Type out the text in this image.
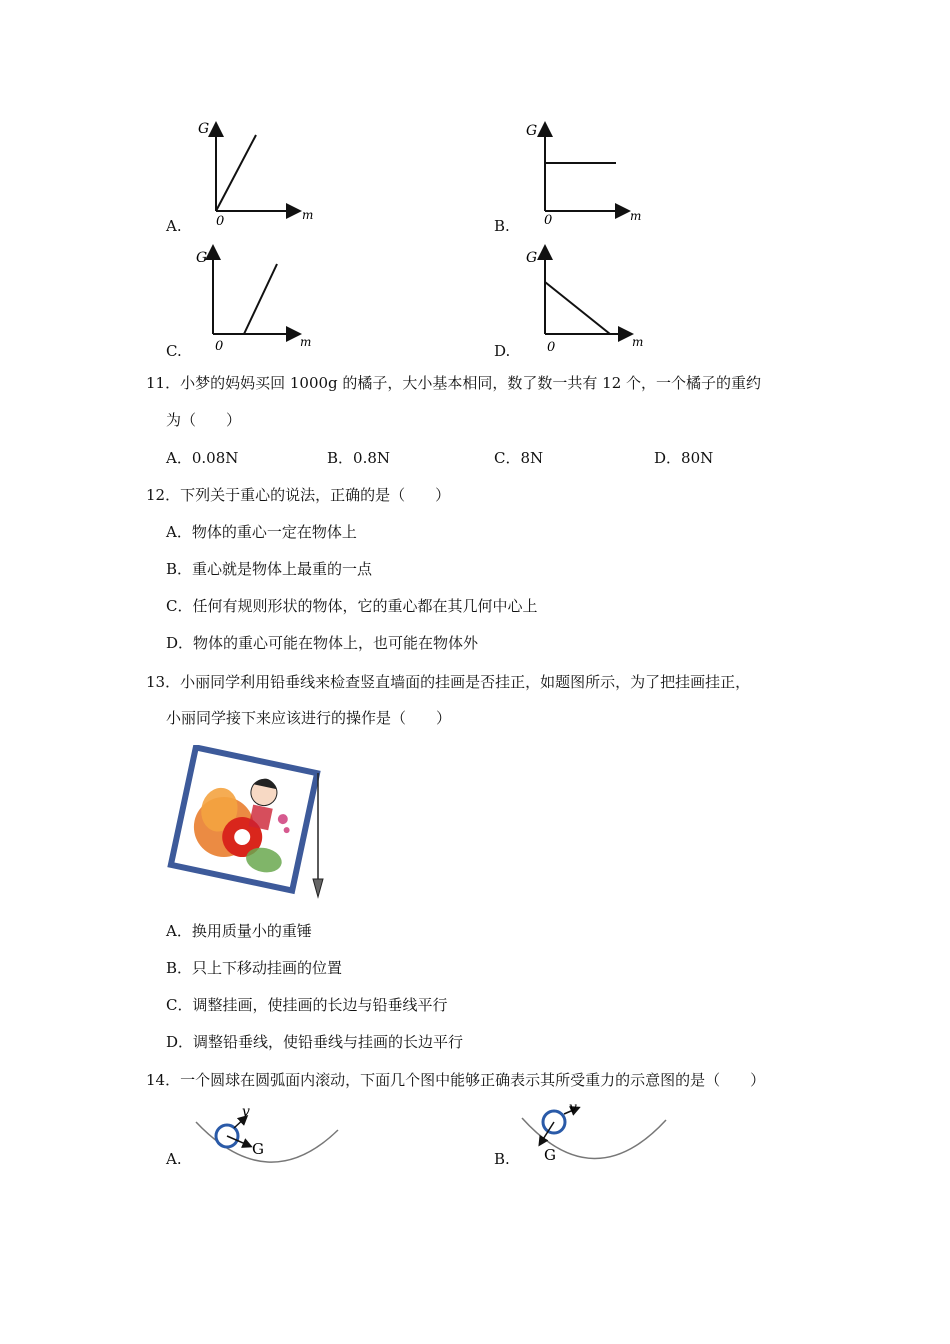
G
m
0
A.
G
m
0
B.
G
m
0
C.
G
m
0
D.
11．小梦的妈妈买回 1000g 的橘子，大小基本相同，数了数一共有 12 个，一个橘子的重约
为（　　）
A．0.08N	B．0.8N	C．8N	D．80N
12．下列关于重心的说法，正确的是（　　）
A．物体的重心一定在物体上
B．重心就是物体上最重的一点
C．任何有规则形状的物体，它的重心都在其几何中心上
D．物体的重心可能在物体上，也可能在物体外
13．小丽同学利用铅垂线来检查竖直墙面的挂画是否挂正，如题图所示，为了把挂画挂正，
小丽同学接下来应该进行的操作是（　　）
A．换用质量小的重锤
B．只上下移动挂画的位置
C．调整挂画，使挂画的长边与铅垂线平行
D．调整铅垂线，使铅垂线与挂画的长边平行
14．一个圆球在圆弧面内滚动，下面几个图中能够正确表示其所受重力的示意图的是（　　）
v
G
A.
v
G
B.
